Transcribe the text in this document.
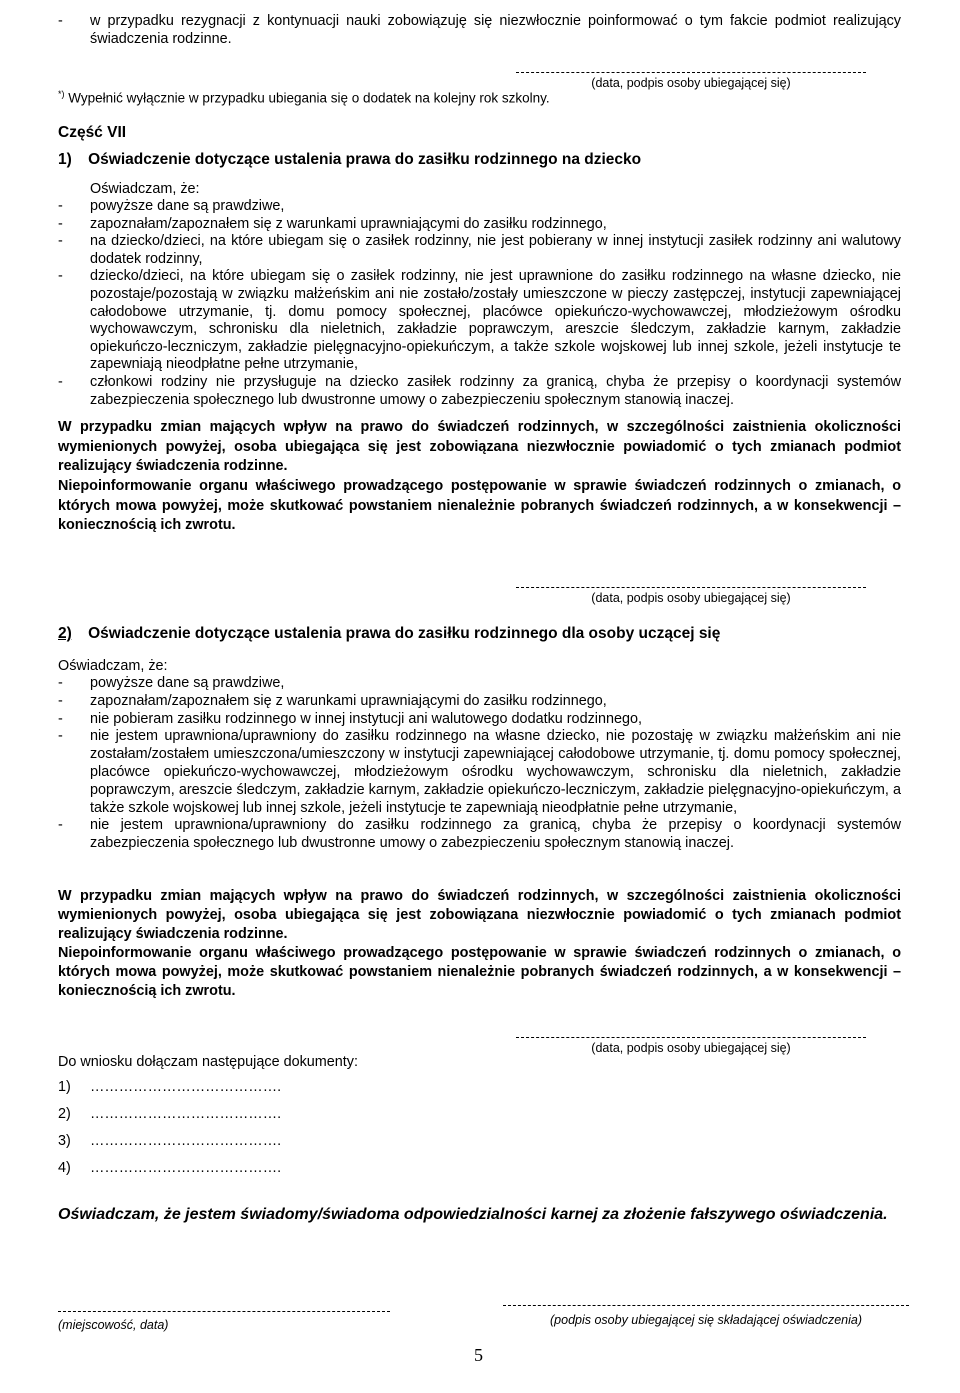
- w przypadku rezygnacji z kontynuacji nauki zobowiązuję się niezwłocznie poinformować o tym fakcie podmiot realizujący świadczenia rodzinne.
(data, podpis osoby ubiegającej się)
*) Wypełnić wyłącznie w przypadku ubiegania się o dodatek na kolejny rok szkolny.
Część VII
1) Oświadczenie dotyczące ustalenia prawa do zasiłku rodzinnego na dziecko
Oświadczam, że:
- powyższe dane są prawdziwe,
- zapoznałam/zapoznałem się z warunkami uprawniającymi do zasiłku rodzinnego,
- na dziecko/dzieci, na które ubiegam się o zasiłek rodzinny, nie jest pobierany w innej instytucji zasiłek rodzinny ani walutowy dodatek rodzinny,
- dziecko/dzieci, na które ubiegam się o zasiłek rodzinny, nie jest uprawnione do zasiłku rodzinnego na własne dziecko, nie pozostaje/pozostają w związku małżeńskim ani nie zostało/zostały umieszczone w pieczy zastępczej, instytucji zapewniającej całodobowe utrzymanie, tj. domu pomocy społecznej, placówce opiekuńczo-wychowawczej, młodzieżowym ośrodku wychowawczym, schronisku dla nieletnich, zakładzie poprawczym, areszcie śledczym, zakładzie karnym, zakładzie opiekuńczo-leczniczym, zakładzie pielęgnacyjno-opiekuńczym, a także szkole wojskowej lub innej szkole, jeżeli instytucje te zapewniają nieodpłatne pełne utrzymanie,
- członkowi rodziny nie przysługuje na dziecko zasiłek rodzinny za granicą, chyba że przepisy o koordynacji systemów zabezpieczenia społecznego lub dwustronne umowy o zabezpieczeniu społecznym stanowią inaczej.
W przypadku zmian mających wpływ na prawo do świadczeń rodzinnych, w szczególności zaistnienia okoliczności wymienionych powyżej, osoba ubiegająca się jest zobowiązana niezwłocznie powiadomić o tych zmianach podmiot realizujący świadczenia rodzinne.
Niepoinformowanie organu właściwego prowadzącego postępowanie w sprawie świadczeń rodzinnych o zmianach, o których mowa powyżej, może skutkować powstaniem nienależnie pobranych świadczeń rodzinnych, a w konsekwencji – koniecznością ich zwrotu.
(data, podpis osoby ubiegającej się)
2) Oświadczenie dotyczące ustalenia prawa do zasiłku rodzinnego dla osoby uczącej się
Oświadczam, że:
- powyższe dane są prawdziwe,
- zapoznałam/zapoznałem się z warunkami uprawniającymi do zasiłku rodzinnego,
- nie pobieram zasiłku rodzinnego w innej instytucji ani walutowego dodatku rodzinnego,
- nie jestem uprawniona/uprawniony do zasiłku rodzinnego na własne dziecko, nie pozostaję w związku małżeńskim ani nie zostałam/zostałem umieszczona/umieszczony w instytucji zapewniającej całodobowe utrzymanie, tj. domu pomocy społecznej, placówce opiekuńczo-wychowawczej, młodzieżowym ośrodku wychowawczym, schronisku dla nieletnich, zakładzie poprawczym, areszcie śledczym, zakładzie karnym, zakładzie opiekuńczo-leczniczym, zakładzie pielęgnacyjno-opiekuńczym, a także szkole wojskowej lub innej szkole, jeżeli instytucje te zapewniają nieodpłatnie pełne utrzymanie,
- nie jestem uprawniona/uprawniony do zasiłku rodzinnego za granicą, chyba że przepisy o koordynacji systemów zabezpieczenia społecznego lub dwustronne umowy o zabezpieczeniu społecznym stanowią inaczej.
W przypadku zmian mających wpływ na prawo do świadczeń rodzinnych, w szczególności zaistnienia okoliczności wymienionych powyżej, osoba ubiegająca się jest zobowiązana niezwłocznie powiadomić o tych zmianach podmiot realizujący świadczenia rodzinne.
Niepoinformowanie organu właściwego prowadzącego postępowanie w sprawie świadczeń rodzinnych o zmianach, o których mowa powyżej, może skutkować powstaniem nienależnie pobranych świadczeń rodzinnych, a w konsekwencji – koniecznością ich zwrotu.
(data, podpis osoby ubiegającej się)
Do wniosku dołączam następujące dokumenty:
1) ………………………………….
2) ………………………………….
3) ………………………………….
4) ………………………………….
Oświadczam, że jestem świadomy/świadoma odpowiedzialności karnej za złożenie fałszywego oświadczenia.
(miejscowość, data)	(podpis osoby ubiegającej się składającej oświadczenia)
5
